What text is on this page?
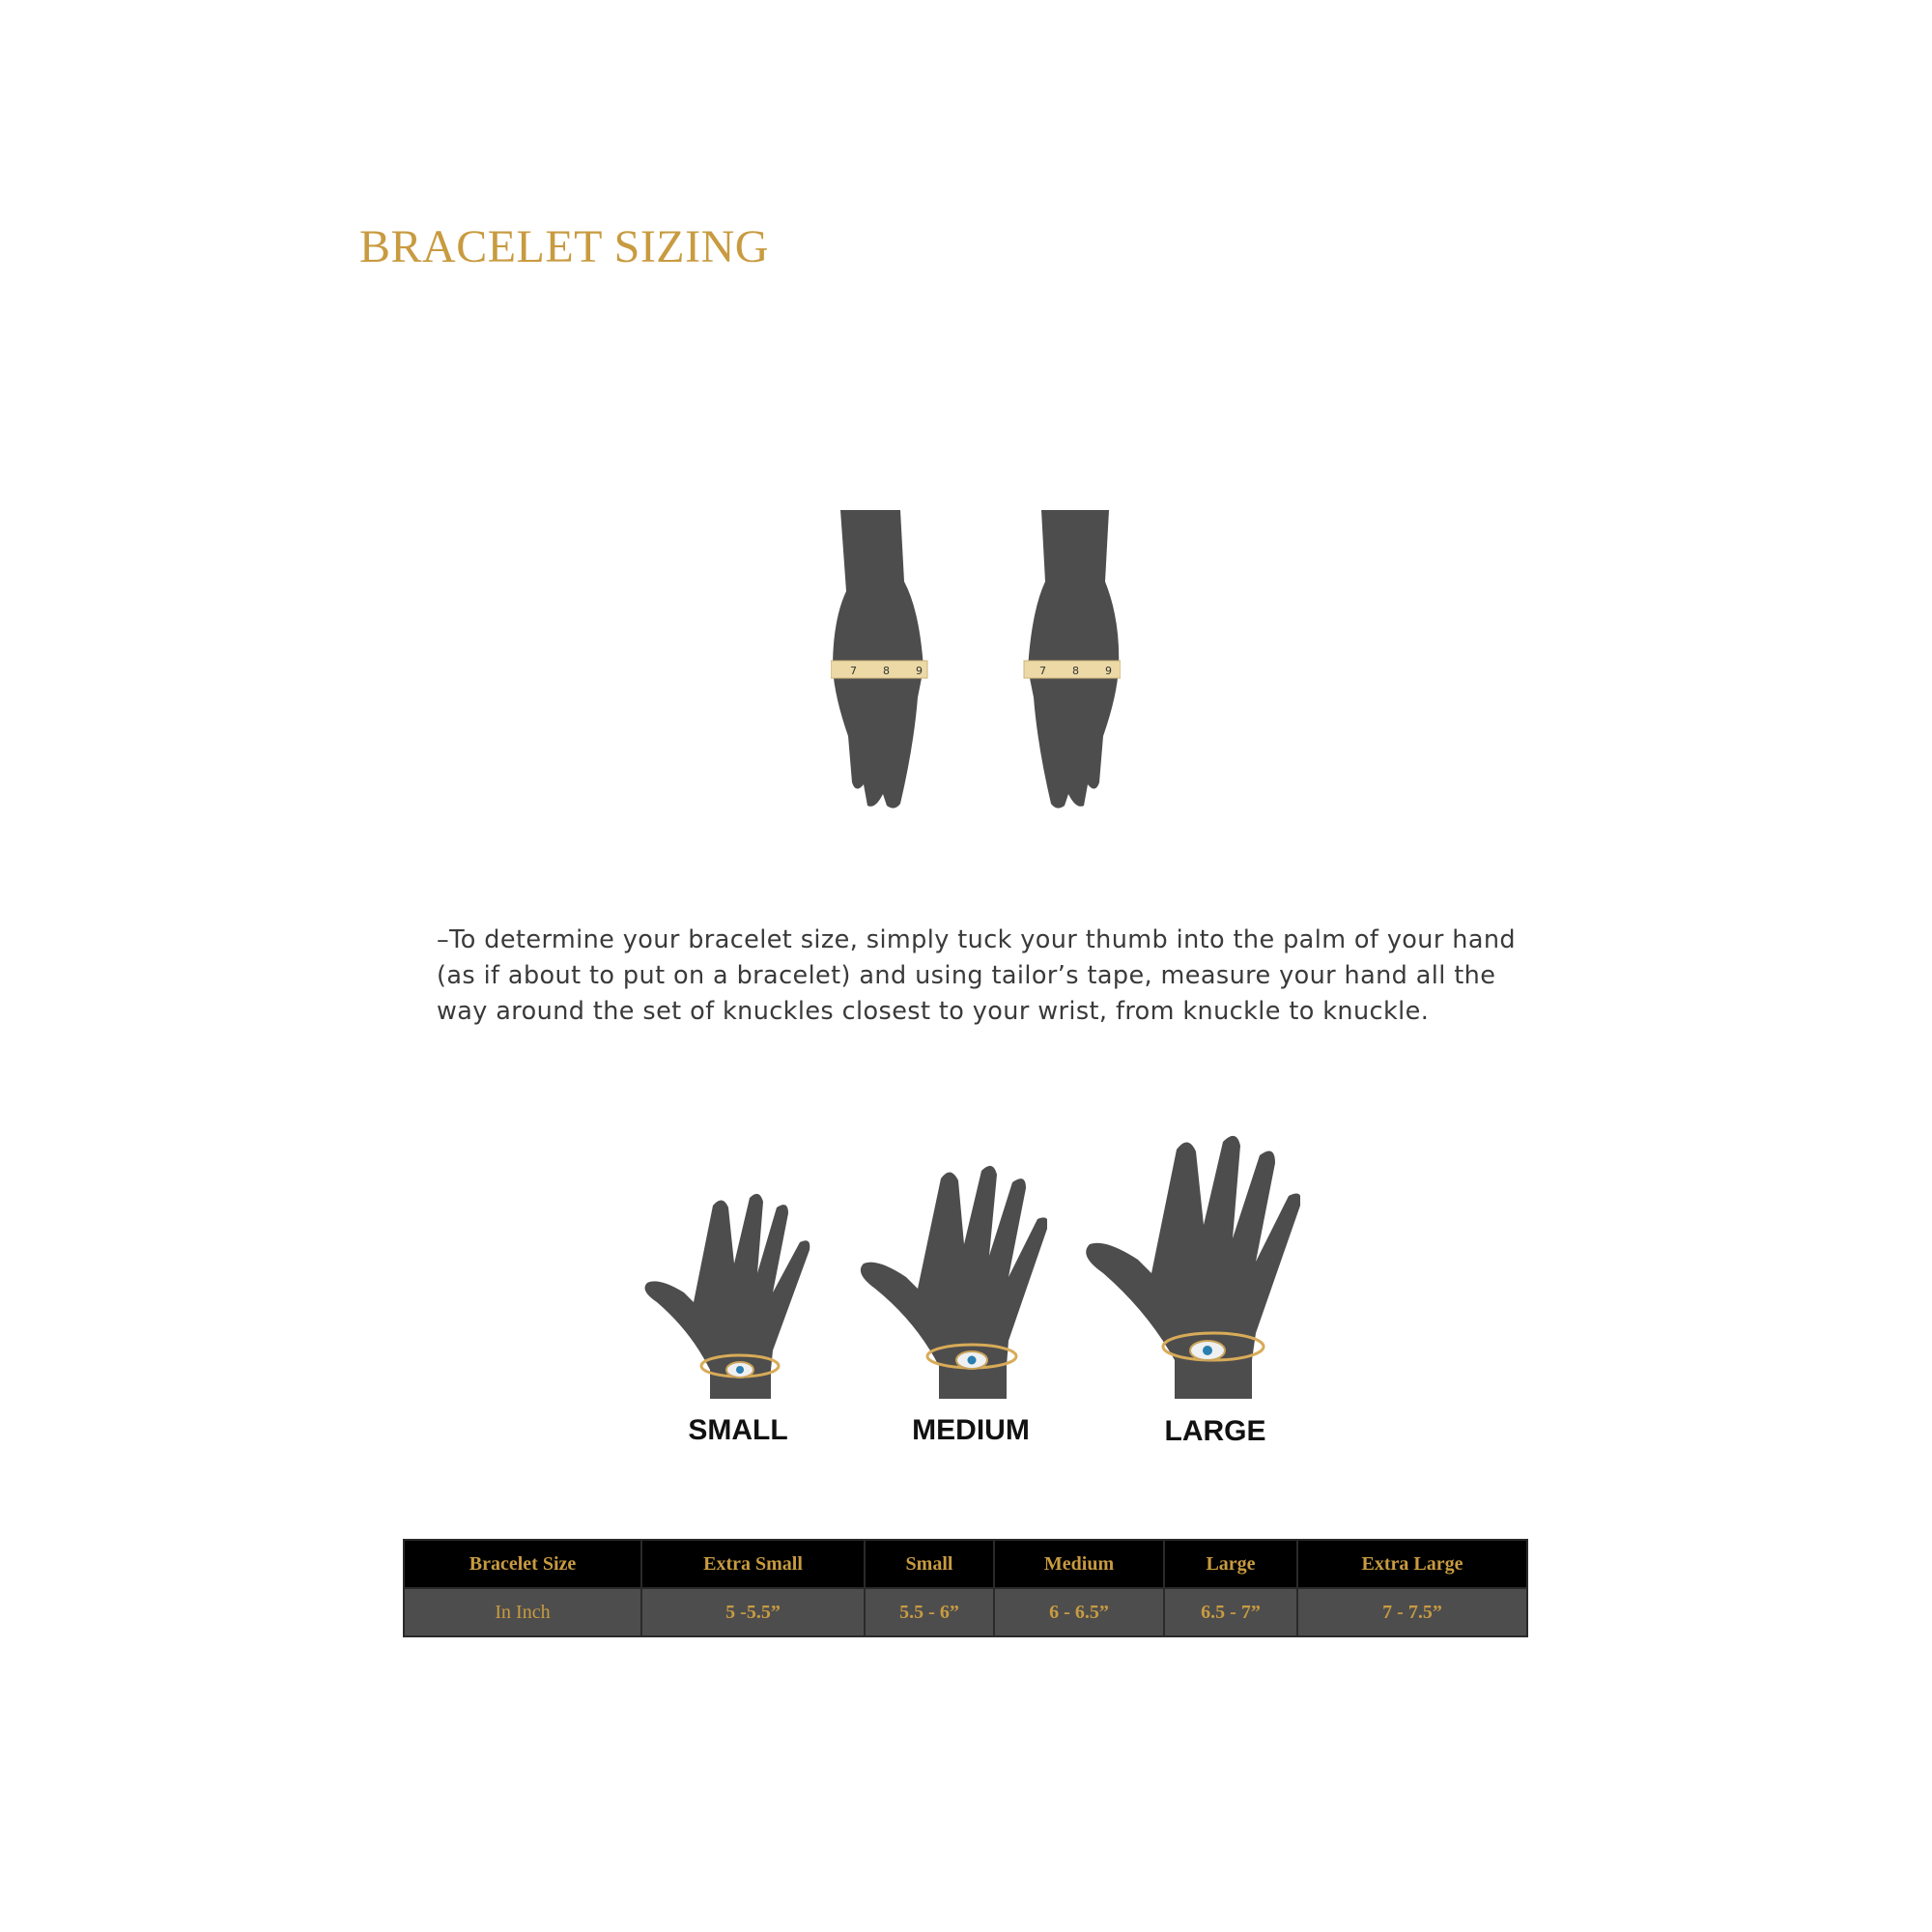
BRACELET SIZING
7 8 9	7 8 9

–To determine your bracelet size, simply tuck your thumb into the palm of your hand (as if about to put on a bracelet) and using tailor’s tape, measure your hand all the way around the set of knuckles closest to your wrist, from knuckle to knuckle.

SMALL	MEDIUM	LARGE
Bracelet Size	Extra Small	Small	Medium	Large	Extra Large
In Inch	5 -5.5”	5.5 - 6”	6 - 6.5”	6.5 - 7”	7 - 7.5”
